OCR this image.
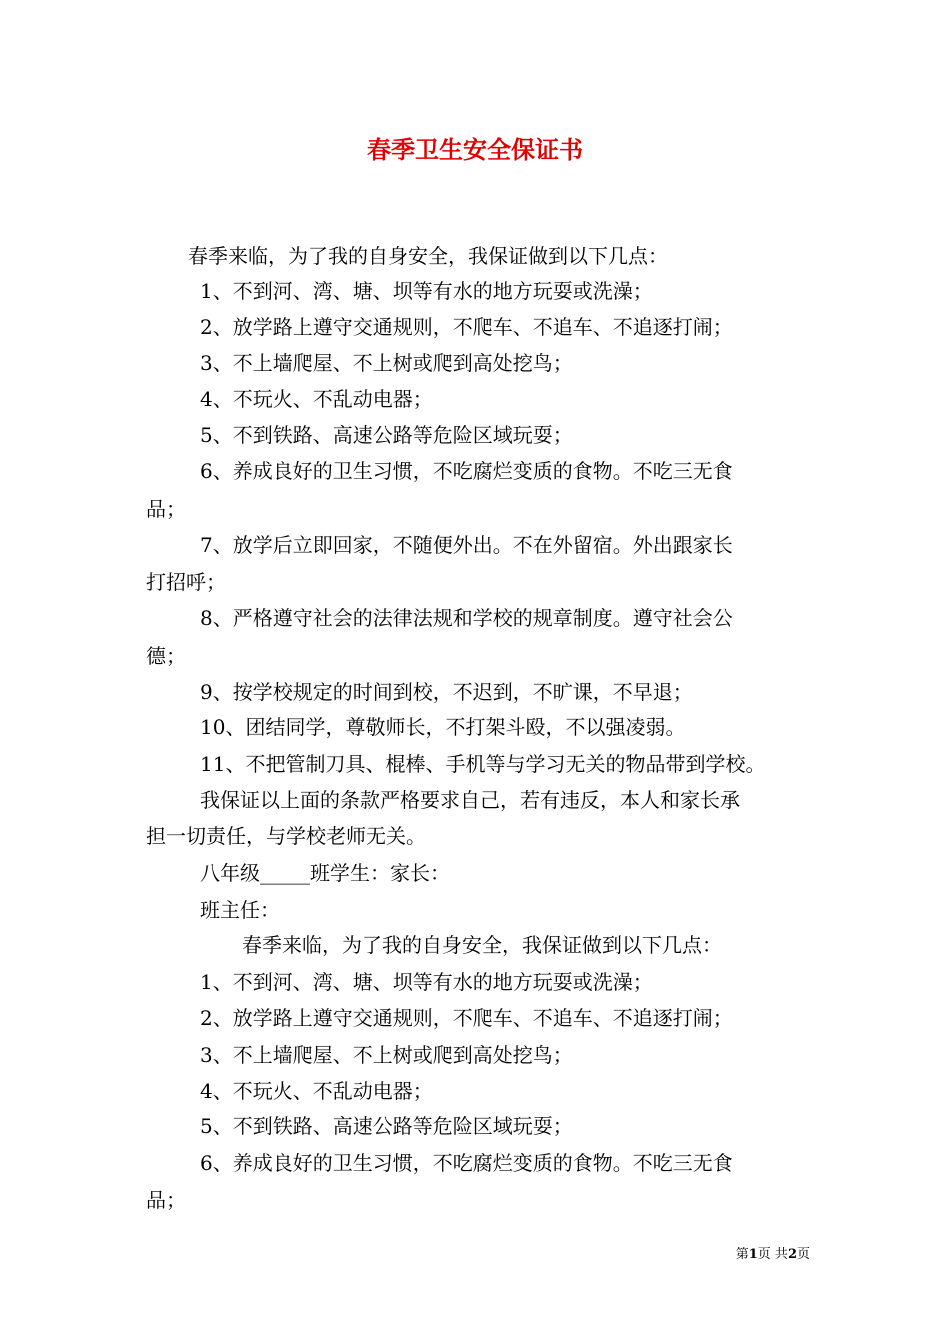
春季卫生安全保证书

春季来临，为了我的自身安全，我保证做到以下几点：

1、不到河、湾、塘、坝等有水的地方玩耍或洗澡；

2、放学路上遵守交通规则，不爬车、不追车、不追逐打闹；

3、不上墙爬屋、不上树或爬到高处挖鸟；

4、不玩火、不乱动电器；

5、不到铁路、高速公路等危险区域玩耍；

6、养成良好的卫生习惯，不吃腐烂变质的食物。不吃三无食

品；

7、放学后立即回家，不随便外出。不在外留宿。外出跟家长

打招呼；

8、严格遵守社会的法律法规和学校的规章制度。遵守社会公

德；

9、按学校规定的时间到校，不迟到，不旷课，不早退；

10、团结同学，尊敬师长，不打架斗殴，不以强凌弱。

11、不把管制刀具、棍棒、手机等与学习无关的物品带到学校。

我保证以上面的条款严格要求自己，若有违反，本人和家长承

担一切责任，与学校老师无关。

八年级_____班学生：家长：

班主任：

春季来临，为了我的自身安全，我保证做到以下几点：

1、不到河、湾、塘、坝等有水的地方玩耍或洗澡；

2、放学路上遵守交通规则，不爬车、不追车、不追逐打闹；

3、不上墙爬屋、不上树或爬到高处挖鸟；

4、不玩火、不乱动电器；

5、不到铁路、高速公路等危险区域玩耍；

6、养成良好的卫生习惯，不吃腐烂变质的食物。不吃三无食

品；

第1页 共2页
